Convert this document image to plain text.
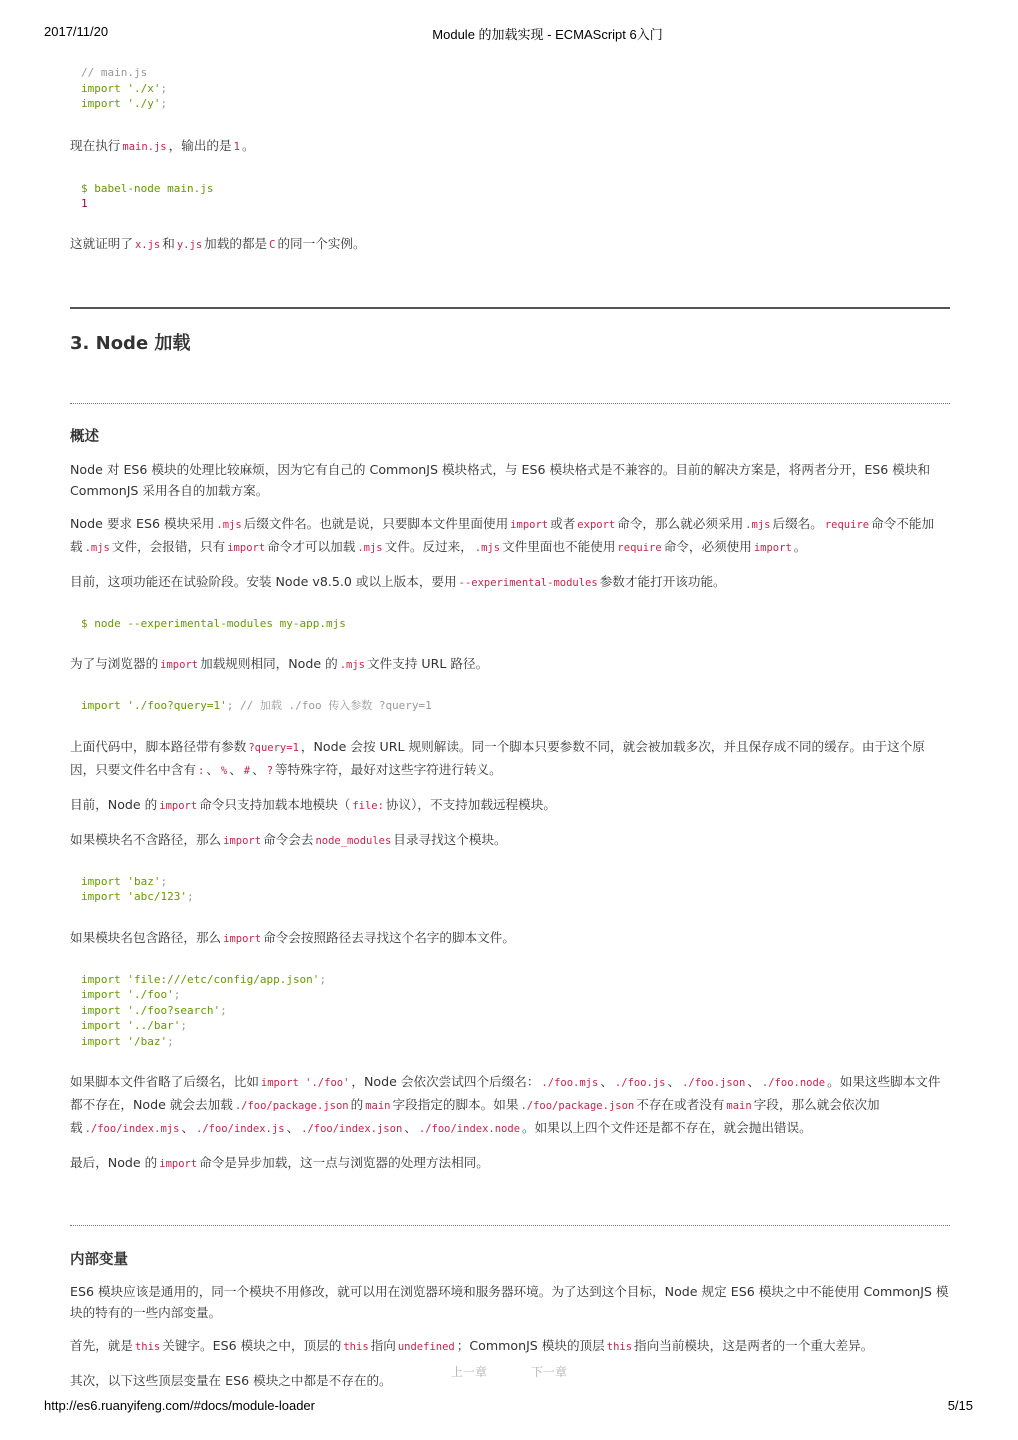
2017/11/20	Module 的加载实现 - ECMAScript 6入门
// main.js
import './x';
import './y';

现在执行 main.js ，输出的是 1 。

$ babel-node main.js
1

这就证明了 x.js 和 y.js 加载的都是 C 的同一个实例。

3. Node 加载
概述

Node 对 ES6 模块的处理比较麻烦，因为它有自己的 CommonJS 模块格式，与 ES6 模块格式是不兼容的。目前的解决方案是，将两者分开，ES6 模块和 CommonJS 采用各自的加载方案。

Node 要求 ES6 模块采用 .mjs 后缀文件名。也就是说，只要脚本文件里面使用 import 或者 export 命令，那么就必须采用 .mjs 后缀名。 require 命令不能加载 .mjs 文件，会报错，只有 import 命令才可以加载 .mjs 文件。反过来， .mjs 文件里面也不能使用 require 命令，必须使用 import 。

目前，这项功能还在试验阶段。安装 Node v8.5.0 或以上版本，要用 --experimental-modules 参数才能打开该功能。

$ node --experimental-modules my-app.mjs

为了与浏览器的 import 加载规则相同，Node 的 .mjs 文件支持 URL 路径。

import './foo?query=1'; // 加载 ./foo 传入参数 ?query=1

上面代码中，脚本路径带有参数 ?query=1 ，Node 会按 URL 规则解读。同一个脚本只要参数不同，就会被加载多次，并且保存成不同的缓存。由于这个原因，只要文件名中含有 : 、 % 、 # 、 ? 等特殊字符，最好对这些字符进行转义。

目前，Node 的 import 命令只支持加载本地模块（ file: 协议），不支持加载远程模块。

如果模块名不含路径，那么 import 命令会去 node_modules 目录寻找这个模块。

import 'baz';
import 'abc/123';

如果模块名包含路径，那么 import 命令会按照路径去寻找这个名字的脚本文件。

import 'file:///etc/config/app.json';
import './foo';
import './foo?search';
import '../bar';
import '/baz';

如果脚本文件省略了后缀名，比如 import './foo' ，Node 会依次尝试四个后缀名： ./foo.mjs 、 ./foo.js 、 ./foo.json 、 ./foo.node 。如果这些脚本文件都不存在，Node 就会去加载 ./foo/package.json 的 main 字段指定的脚本。如果 ./foo/package.json 不存在或者没有 main 字段，那么就会依次加载 ./foo/index.mjs 、 ./foo/index.js 、 ./foo/index.json 、 ./foo/index.node 。如果以上四个文件还是都不存在，就会抛出错误。

最后，Node 的 import 命令是异步加载，这一点与浏览器的处理方法相同。

内部变量

ES6 模块应该是通用的，同一个模块不用修改，就可以用在浏览器环境和服务器环境。为了达到这个目标，Node 规定 ES6 模块之中不能使用 CommonJS 模块的特有的一些内部变量。

首先，就是 this 关键字。ES6 模块之中，顶层的 this 指向 undefined ；CommonJS 模块的顶层 this 指向当前模块，这是两者的一个重大差异。

其次，以下这些顶层变量在 ES6 模块之中都是不存在的。

上一章	下一章
http://es6.ruanyifeng.com/#docs/module-loader	5/15
